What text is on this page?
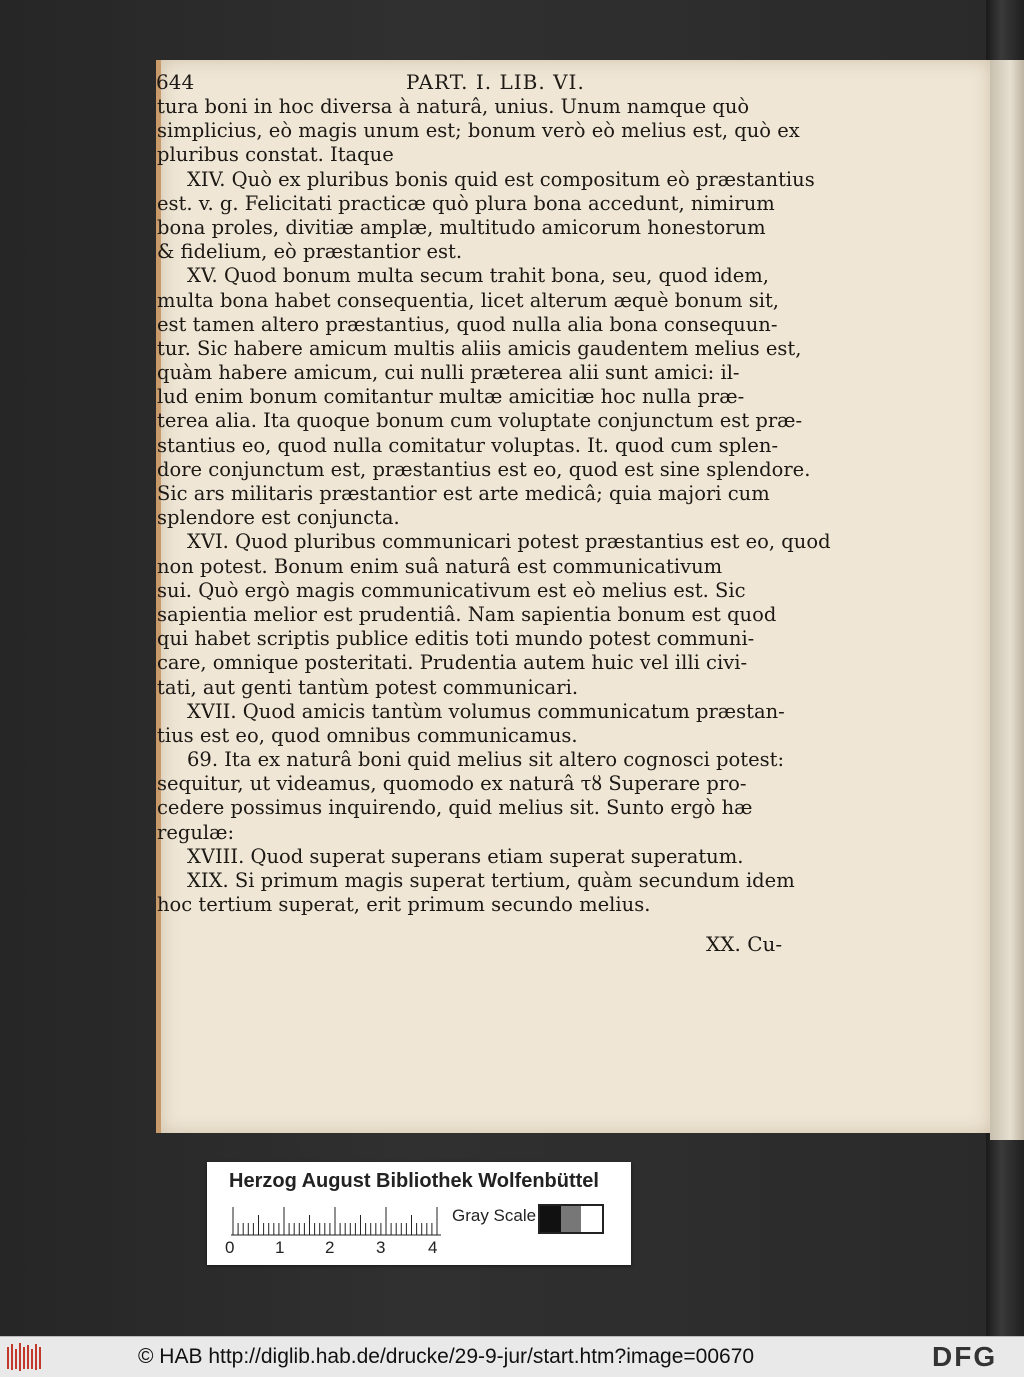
644	PART. I. LIB. VI.
tura boni in hoc diversa à naturâ, unius. Unum namque quò
simplicius, eò magis unum est; bonum verò eò melius est, quò ex
pluribus constat. Itaque
XIV. Quò ex pluribus bonis quid est compositum eò præstantius
est. v. g. Felicitati practicæ quò plura bona accedunt, nimirum
bona proles, divitiæ amplæ, multitudo amicorum honestorum
& fidelium, eò præstantior est.
XV. Quod bonum multa secum trahit bona, seu, quod idem,
multa bona habet consequentia, licet alterum æquè bonum sit,
est tamen altero præstantius, quod nulla alia bona consequun-
tur. Sic habere amicum multis aliis amicis gaudentem melius est,
quàm habere amicum, cui nulli præterea alii sunt amici: il-
lud enim bonum comitantur multæ amicitiæ hoc nulla præ-
terea alia. Ita quoque bonum cum voluptate conjunctum est præ-
stantius eo, quod nulla comitatur voluptas. It. quod cum splen-
dore conjunctum est, præstantius est eo, quod est sine splendore.
Sic ars militaris præstantior est arte medicâ; quia majori cum
splendore est conjuncta.
XVI. Quod pluribus communicari potest præstantius est eo, quod
non potest. Bonum enim suâ naturâ est communicativum
sui. Quò ergò magis communicativum est eò melius est. Sic
sapientia melior est prudentiâ. Nam sapientia bonum est quod
qui habet scriptis publice editis toti mundo potest communi-
care, omnique posteritati. Prudentia autem huic vel illi civi-
tati, aut genti tantùm potest communicari.
XVII. Quod amicis tantùm volumus communicatum præstan-
tius est eo, quod omnibus communicamus.
69. Ita ex naturâ boni quid melius sit altero cognosci potest:
sequitur, ut videamus, quomodo ex naturâ τȣ Superare pro-
cedere possimus inquirendo, quid melius sit. Sunto ergò hæ
regulæ:
XVIII. Quod superat superans etiam superat superatum.
XIX. Si primum magis superat tertium, quàm secundum idem
hoc tertium superat, erit primum secundo melius.
XX. Cu-
Herzog August Bibliothek Wolfenbüttel
0 1 2 3	4
Gray Scale
© HAB http://diglib.hab.de/drucke/29-9-jur/start.htm?image=00670	DFG
